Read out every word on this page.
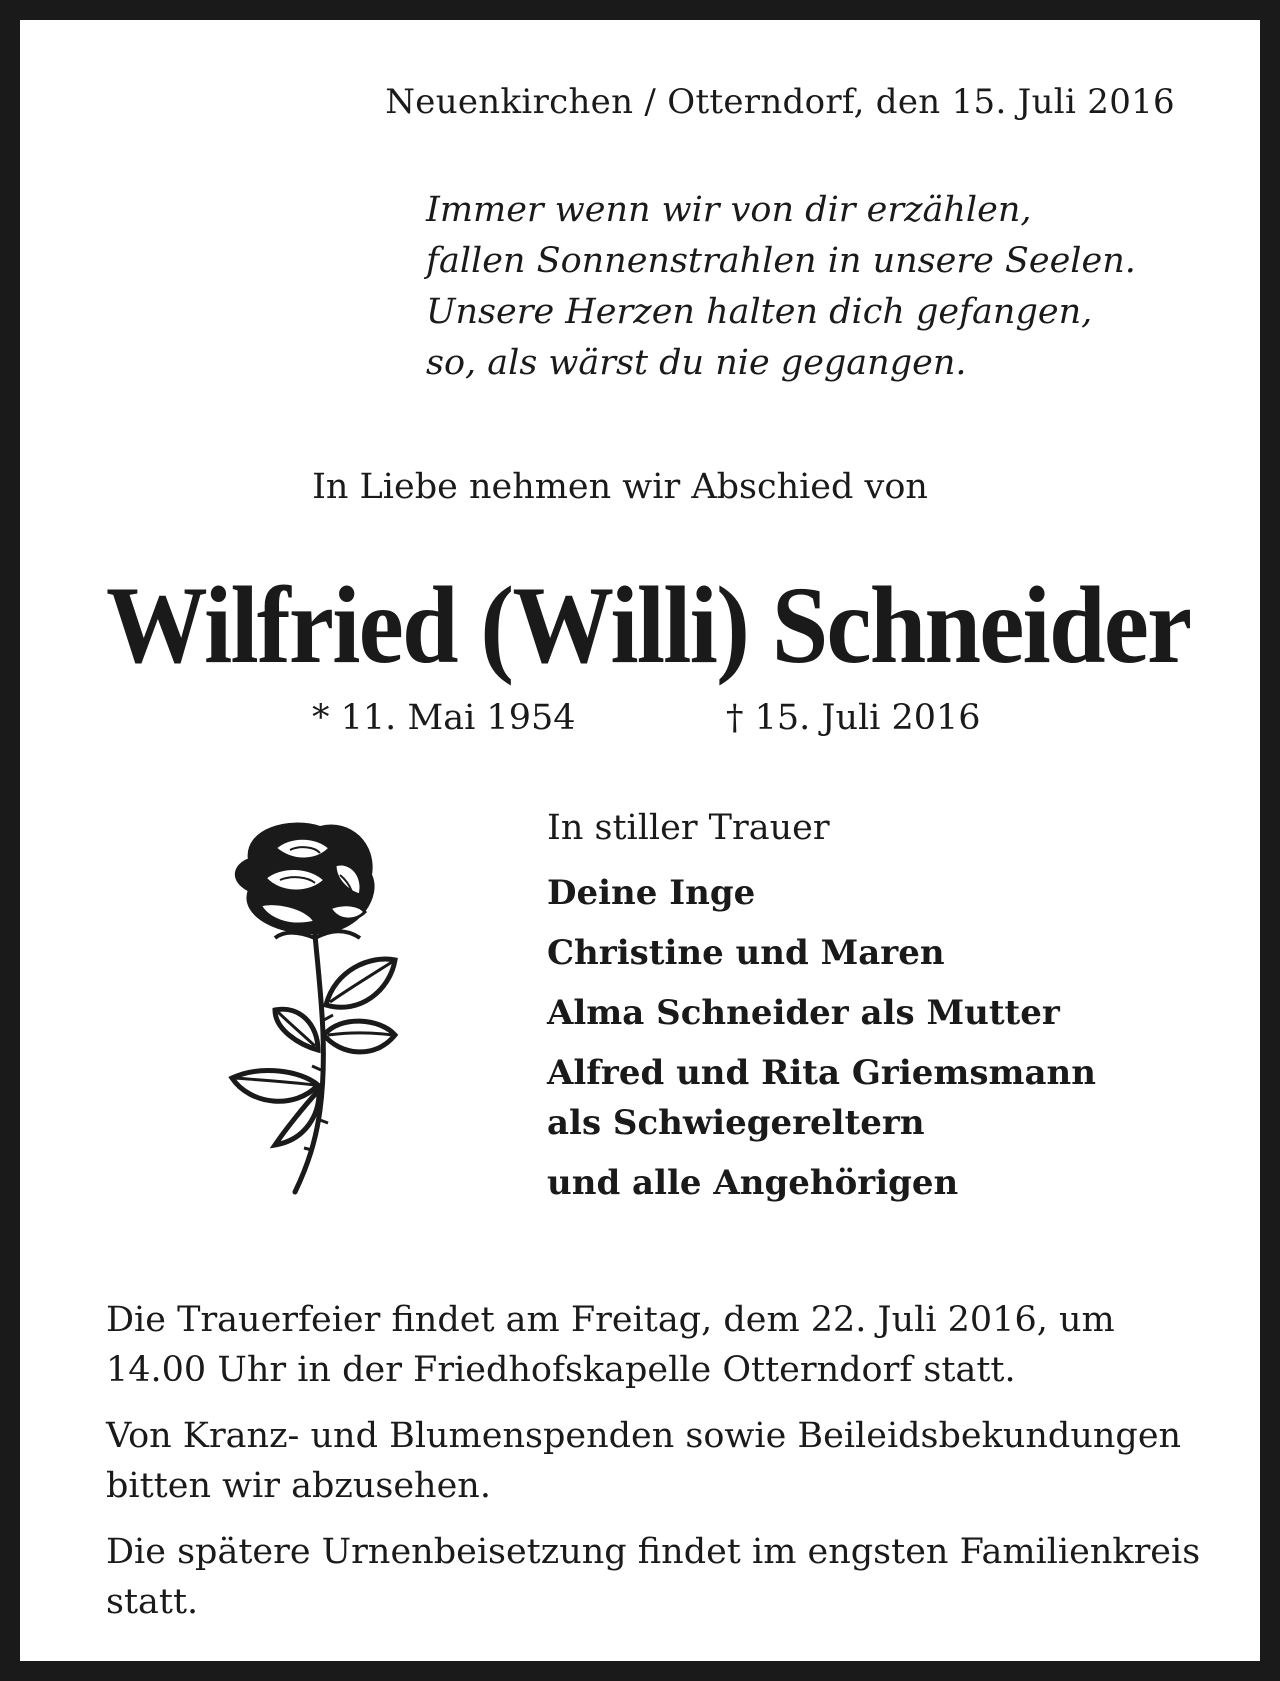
Neuenkirchen / Otterndorf, den 15. Juli 2016
Immer wenn wir von dir erzählen,
fallen Sonnenstrahlen in unsere Seelen.
Unsere Herzen halten dich gefangen,
so, als wärst du nie gegangen.
In Liebe nehmen wir Abschied von
Wilfried (Willi) Schneider
* 11. Mai 1954	† 15. Juli 2016
In stiller Trauer
Deine Inge
Christine und Maren
Alma Schneider als Mutter
Alfred und Rita Griemsmann
als Schwiegereltern
und alle Angehörigen

Die Trauerfeier findet am Freitag, dem 22. Juli 2016, um 14.00 Uhr in der Friedhofskapelle Otterndorf statt.

Von Kranz- und Blumenspenden sowie Beileidsbekundungen bitten wir abzusehen.

Die spätere Urnenbeisetzung findet im engsten Familienkreis statt.
